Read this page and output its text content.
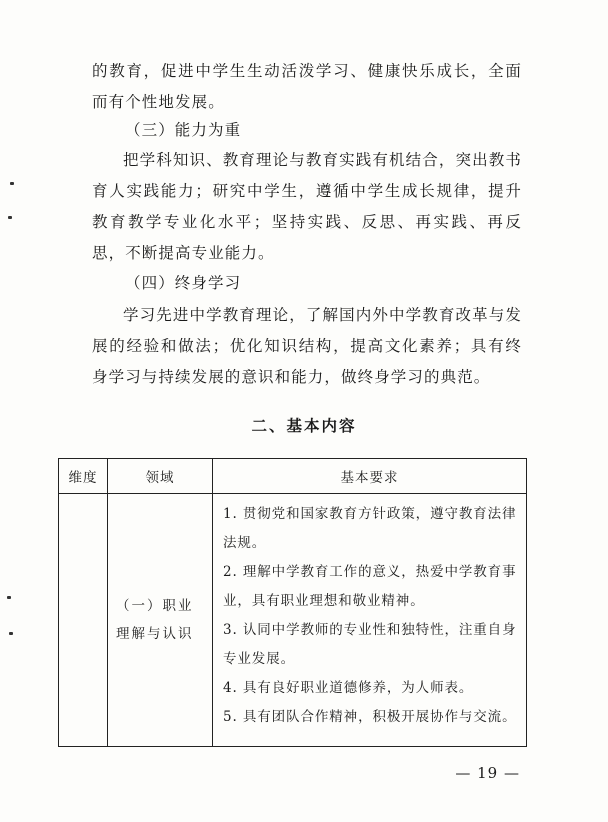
的教育，促进中学生生动活泼学习、健康快乐成长，全面而有个性地发展。

（三）能力为重

把学科知识、教育理论与教育实践有机结合，突出教书育人实践能力；研究中学生，遵循中学生成长规律，提升教育教学专业化水平；坚持实践、反思、再实践、再反思，不断提高专业能力。

（四）终身学习

学习先进中学教育理论，了解国内外中学教育改革与发展的经验和做法；优化知识结构，提高文化素养；具有终身学习与持续发展的意识和能力，做终身学习的典范。

二、基本内容

维度	领域	基本要求
	（一）职业理解与认识	1. 贯彻党和国家教育方针政策，遵守教育法律法规。

2. 理解中学教育工作的意义，热爱中学教育事业，具有职业理想和敬业精神。

3. 认同中学教师的专业性和独特性，注重自身专业发展。

4. 具有良好职业道德修养，为人师表。

5. 具有团队合作精神，积极开展协作与交流。

— 19 —
